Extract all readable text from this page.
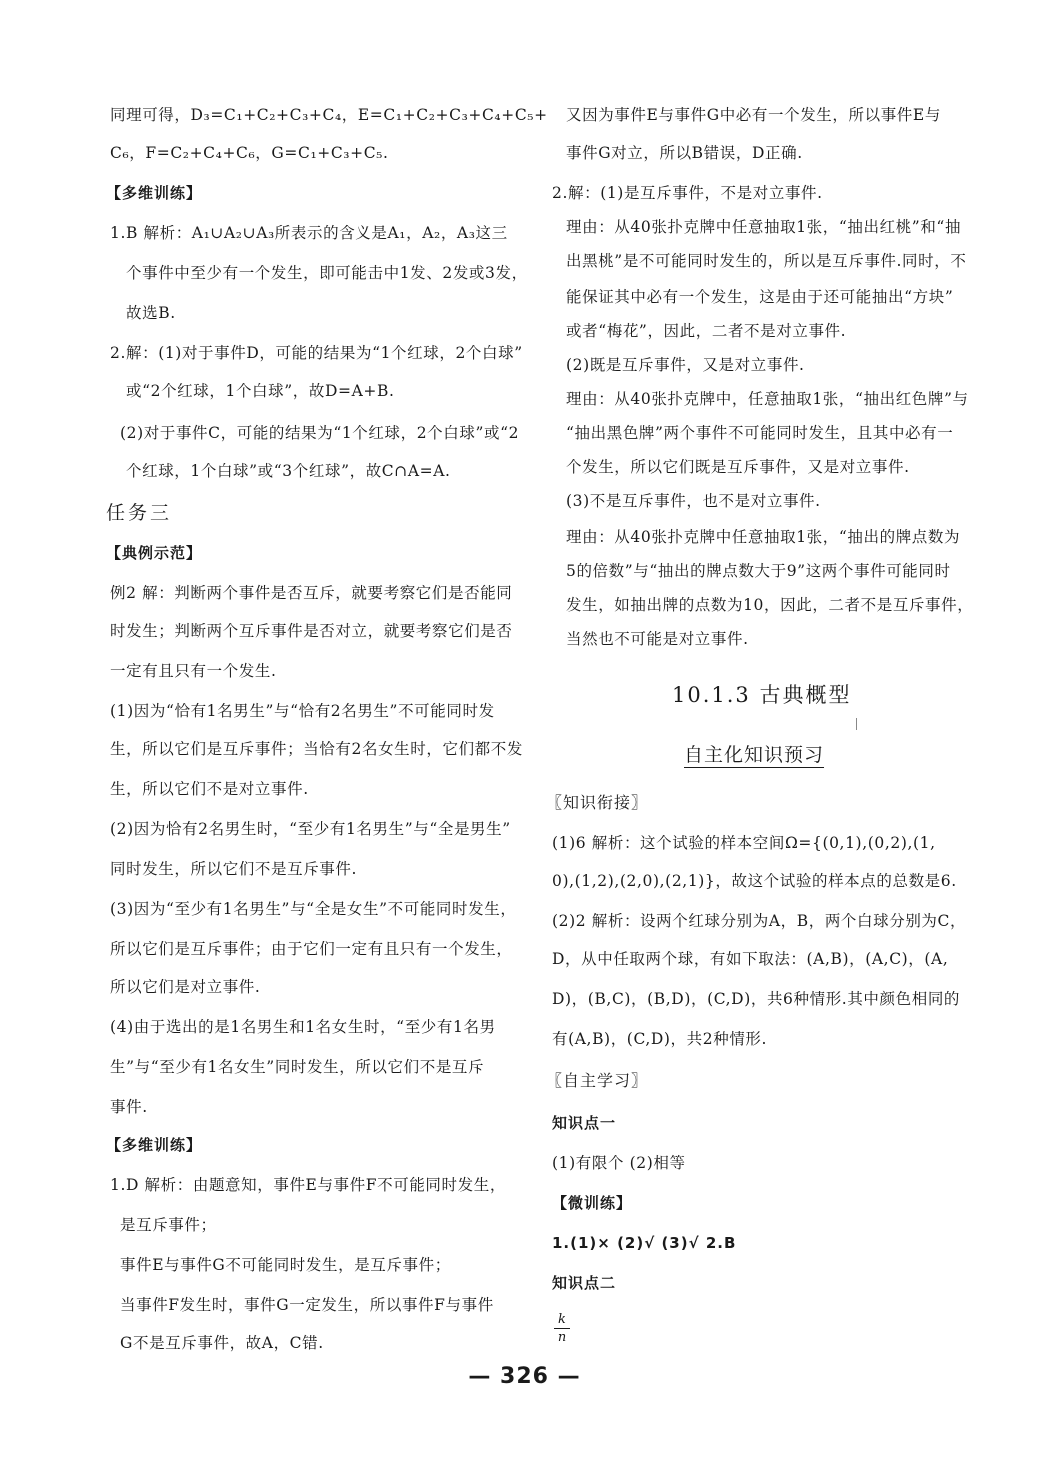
同理可得，D₃=C₁+C₂+C₃+C₄，E=C₁+C₂+C₃+C₄+C₅+
C₆，F=C₂+C₄+C₆，G=C₁+C₃+C₅.
【多维训练】
1.B 解析：A₁∪A₂∪A₃所表示的含义是A₁，A₂，A₃这三
个事件中至少有一个发生，即可能击中1发、2发或3发，
故选B.
2.解：(1)对于事件D，可能的结果为“1个红球，2个白球”
或“2个红球，1个白球”，故D=A+B.
(2)对于事件C，可能的结果为“1个红球，2个白球”或“2
个红球，1个白球”或“3个红球”，故C∩A=A.
任务三
【典例示范】
例2 解：判断两个事件是否互斥，就要考察它们是否能同
时发生；判断两个互斥事件是否对立，就要考察它们是否
一定有且只有一个发生.
(1)因为“恰有1名男生”与“恰有2名男生”不可能同时发
生，所以它们是互斥事件；当恰有2名女生时，它们都不发
生，所以它们不是对立事件.
(2)因为恰有2名男生时，“至少有1名男生”与“全是男生”
同时发生，所以它们不是互斥事件.
(3)因为“至少有1名男生”与“全是女生”不可能同时发生，
所以它们是互斥事件；由于它们一定有且只有一个发生，
所以它们是对立事件.
(4)由于选出的是1名男生和1名女生时，“至少有1名男
生”与“至少有1名女生”同时发生，所以它们不是互斥
事件.
【多维训练】
1.D 解析：由题意知，事件E与事件F不可能同时发生，
是互斥事件；
事件E与事件G不可能同时发生，是互斥事件；
当事件F发生时，事件G一定发生，所以事件F与事件
G不是互斥事件，故A，C错.
又因为事件E与事件G中必有一个发生，所以事件E与
事件G对立，所以B错误，D正确.
2.解：(1)是互斥事件，不是对立事件.
理由：从40张扑克牌中任意抽取1张，“抽出红桃”和“抽
出黑桃”是不可能同时发生的，所以是互斥事件.同时，不
能保证其中必有一个发生，这是由于还可能抽出“方块”
或者“梅花”，因此，二者不是对立事件.
(2)既是互斥事件，又是对立事件.
理由：从40张扑克牌中，任意抽取1张，“抽出红色牌”与
“抽出黑色牌”两个事件不可能同时发生，且其中必有一
个发生，所以它们既是互斥事件，又是对立事件.
(3)不是互斥事件，也不是对立事件.
理由：从40张扑克牌中任意抽取1张，“抽出的牌点数为
5的倍数”与“抽出的牌点数大于9”这两个事件可能同时
发生，如抽出牌的点数为10，因此，二者不是互斥事件，
当然也不可能是对立事件.
10.1.3 古典概型
自主化知识预习
〖知识衔接〗
(1)6 解析：这个试验的样本空间Ω={(0,1),(0,2),(1,
0),(1,2),(2,0),(2,1)}，故这个试验的样本点的总数是6.
(2)2 解析：设两个红球分别为A，B，两个白球分别为C，
D，从中任取两个球，有如下取法：(A,B)，(A,C)，(A,
D)，(B,C)，(B,D)，(C,D)，共6种情形.其中颜色相同的
有(A,B)，(C,D)，共2种情形.
〖自主学习〗
知识点一
(1)有限个 (2)相等
【微训练】
1.(1)× (2)√ (3)√ 2.B
知识点二
k
n
— 326 —
